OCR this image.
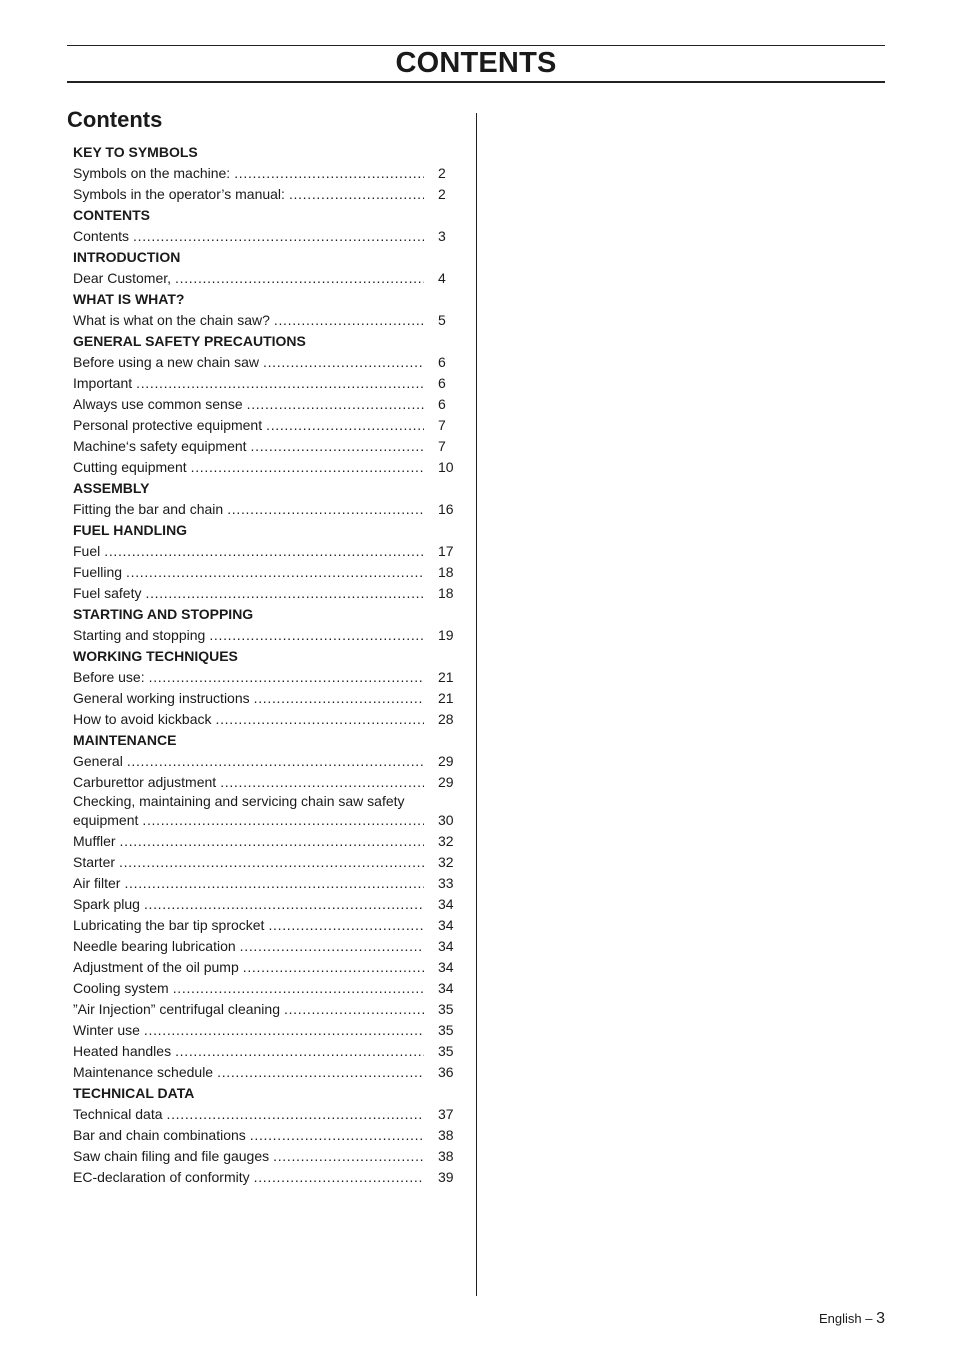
CONTENTS
Contents
KEY TO SYMBOLS
Symbols on the machine: . . .	2
Symbols in the operator’s manual: . . .	2
CONTENTS
Contents . . .	3
INTRODUCTION
Dear Customer, . . .	4
WHAT IS WHAT?
What is what on the chain saw? . . .	5
GENERAL SAFETY PRECAUTIONS
Before using a new chain saw . . .	6
Important . . .	6
Always use common sense . . .	6
Personal protective equipment . . .	7
Machine‘s safety equipment . . .	7
Cutting equipment . . .	10
ASSEMBLY
Fitting the bar and chain . . .	16
FUEL HANDLING
Fuel . . .	17
Fuelling . . .	18
Fuel safety . . .	18
STARTING AND STOPPING
Starting and stopping . . .	19
WORKING TECHNIQUES
Before use: . . .	21
General working instructions . . .	21
How to avoid kickback . . .	28
MAINTENANCE
General . . .	29
Carburettor adjustment . . .	29
Checking, maintaining and servicing chain saw safety
equipment . . .	30
Muffler . . .	32
Starter . . .	32
Air filter . . .	33
Spark plug . . .	34
Lubricating the bar tip sprocket . . .	34
Needle bearing lubrication . . .	34
Adjustment of the oil pump . . .	34
Cooling system . . .	34
”Air Injection” centrifugal cleaning . . .	35
Winter use . . .	35
Heated handles . . .	35
Maintenance schedule . . .	36
TECHNICAL DATA
Technical data . . .	37
Bar and chain combinations . . .	38
Saw chain filing and file gauges . . .	38
EC-declaration of conformity . . .	39
English – 3
